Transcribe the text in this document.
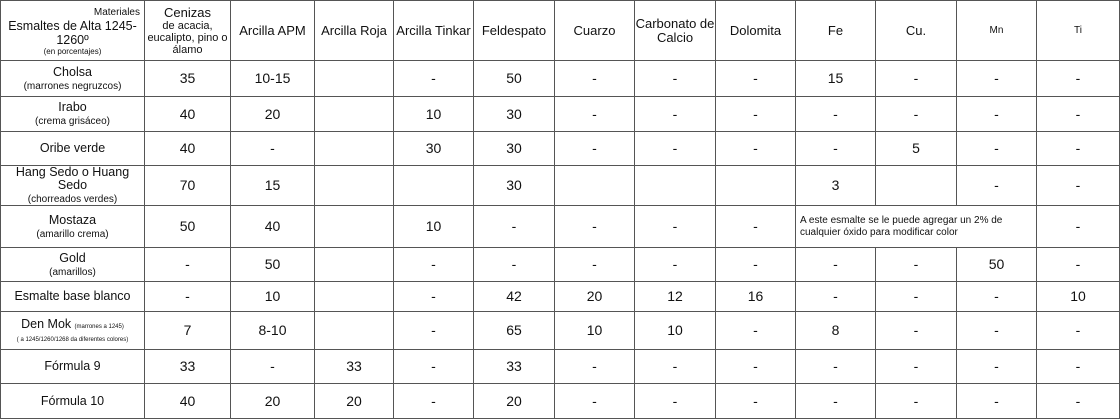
Materiales
Esmaltes de Alta 1245-1260º
(en porcentajes)	Cenizas
de acacia, eucalipto, pino o álamo	Arcilla APM	Arcilla Roja	Arcilla Tinkar	Feldespato	Cuarzo	Carbonato de Calcio	Dolomita	Fe	Cu.	Mn	Ti
Cholsa
(marrones negruzcos)	35	10-15		-	50	-	-	-	15	-	-	-
Irabo
(crema grisáceo)	40	20		10	30	-	-	-	-	-	-	-
Oribe verde	40	-		30	30	-	-	-	-	5	-	-
Hang Sedo o Huang Sedo
(chorreados verdes)	70	15			30				3		-	-
Mostaza
(amarillo crema)	50	40		10	-	-	-	-	A este esmalte se le puede agregar un 2% de cualquier óxido para modificar color			-
Gold
(amarillos)	-	50		-	-	-	-	-	-	-	50	-
Esmalte base blanco	-	10		-	42	20	12	16	-	-	-	10
Den Mok (marrones a 1245)
( a 1245/1260/1268 da diferentes colores)	7	8-10		-	65	10	10	-	8	-	-	-
Fórmula 9	33	-	33	-	33	-	-	-	-	-	-	-
Fórmula 10	40	20	20	-	20	-	-	-	-	-	-	-
